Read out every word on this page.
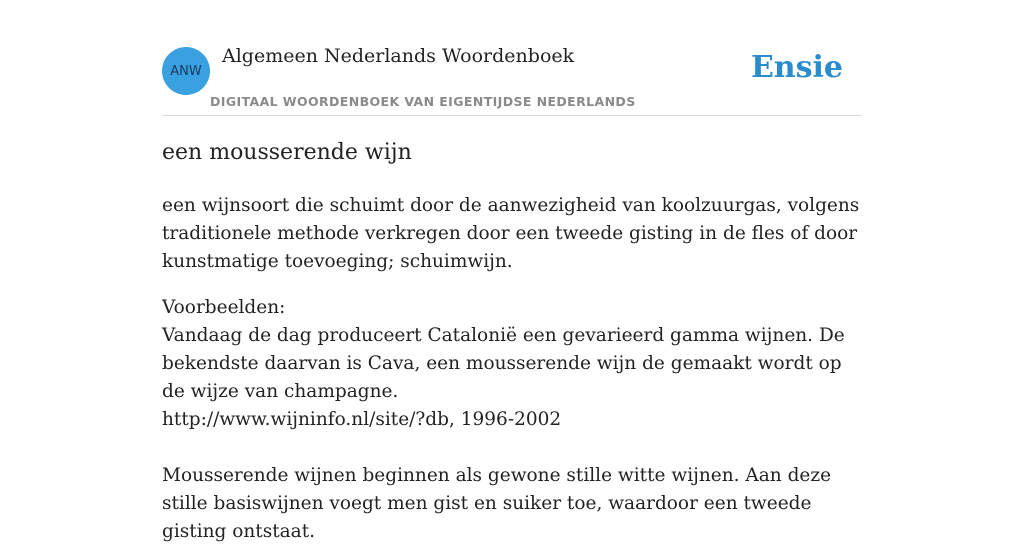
ANW
Algemeen Nederlands Woordenboek
DIGITAAL WOORDENBOEK VAN EIGENTIJDSE NEDERLANDS
Ensie
een mousserende wijn

een wijnsoort die schuimt door de aanwezigheid van koolzuurgas, volgens traditionele methode verkregen door een tweede gisting in de fles of door kunstmatige toevoeging; schuimwijn.

Voorbeelden:

Vandaag de dag produceert Catalonië een gevarieerd gamma wijnen. De bekendste daarvan is Cava, een mousserende wijn de gemaakt wordt op de wijze van champagne.

http://www.wijninfo.nl/site/?db, 1996-2002

Mousserende wijnen beginnen als gewone stille witte wijnen. Aan deze stille basiswijnen voegt men gist en suiker toe, waardoor een tweede gisting ontstaat.
